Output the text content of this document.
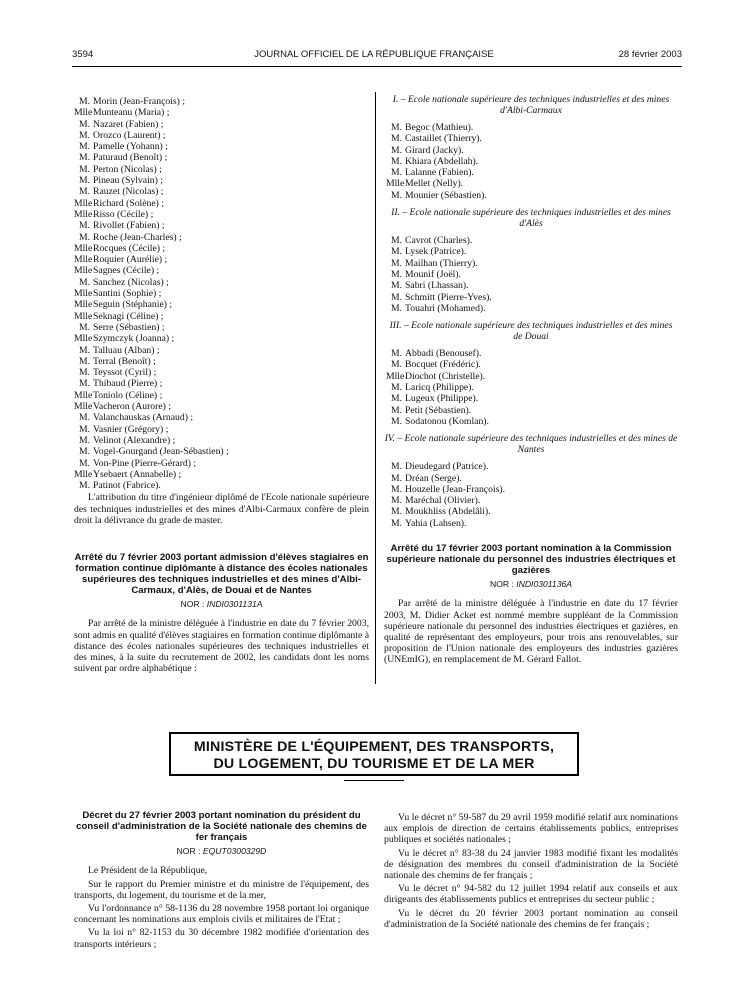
3594	JOURNAL OFFICIEL DE LA RÉPUBLIQUE FRANÇAISE	28 février 2003
M. Morin (Jean-François) ;
Mlle Munteanu (Maria) ;
M. Nazaret (Fabien) ;
M. Orozco (Laurent) ;
M. Pamelle (Yohann) ;
M. Paturaud (Benoît) ;
M. Perton (Nicolas) ;
M. Pineau (Sylvain) ;
M. Rauzet (Nicolas) ;
Mlle Richard (Solène) ;
Mlle Risso (Cécile) ;
M. Rivollet (Fabien) ;
M. Roche (Jean-Charles) ;
Mlle Rocques (Cécile) ;
Mlle Roquier (Aurélie) ;
Mlle Sagnes (Cécile) ;
M. Sanchez (Nicolas) ;
Mlle Santini (Sophie) ;
Mlle Seguin (Stéphanie) ;
Mlle Seknagi (Céline) ;
M. Serre (Sébastien) ;
Mlle Szymczyk (Joanna) ;
M. Talluau (Alban) ;
M. Terral (Benoît) ;
M. Teyssot (Cyril) ;
M. Thibaud (Pierre) ;
Mlle Toniolo (Céline) ;
Mlle Vacheron (Aurore) ;
M. Valanchauskas (Arnaud) ;
M. Vasnier (Grégory) ;
M. Velinot (Alexandre) ;
M. Vogel-Gourgand (Jean-Sébastien) ;
M. Von-Pine (Pierre-Gérard) ;
Mlle Ysebaert (Annabelle) ;
M. Patinot (Fabrice).
L'attribution du titre d'ingénieur diplômé de l'Ecole nationale supérieure des techniques industrielles et des mines d'Albi-Carmaux confère de plein droit la délivrance du grade de master.
Arrêté du 7 février 2003 portant admission d'élèves stagiaires en formation continue diplômante à distance des écoles nationales supérieures des techniques industrielles et des mines d'Albi-Carmaux, d'Alès, de Douai et de Nantes
NOR : INDI0301131A
Par arrêté de la ministre déléguée à l'industrie en date du 7 février 2003, sont admis en qualité d'élèves stagiaires en formation continue diplômante à distance des écoles nationales supérieures des techniques industrielles et des mines, à la suite du recrutement de 2002, les candidats dont les noms suivent par ordre alphabétique :
I. – Ecole nationale supérieure des techniques industrielles et des mines d'Albi-Carmaux
M. Begoc (Mathieu).
M. Castaillet (Thierry).
M. Girard (Jacky).
M. Khiara (Abdellah).
M. Lalanne (Fabien).
Mlle Mellet (Nelly).
M. Mounier (Sébastien).
II. – Ecole nationale supérieure des techniques industrielles et des mines d'Alès
M. Cavrot (Charles).
M. Lysek (Patrice).
M. Mailhan (Thierry).
M. Mounif (Joël).
M. Sabri (Lhassan).
M. Schmitt (Pierre-Yves).
M. Touahri (Mohamed).
III. – Ecole nationale supérieure des techniques industrielles et des mines de Douai
M. Abbadi (Benousef).
M. Bocquet (Frédéric).
Mlle Diochot (Christelle).
M. Laricq (Philippe).
M. Lugeux (Philippe).
M. Petit (Sébastien).
M. Sodatonou (Komlan).
IV. – Ecole nationale supérieure des techniques industrielles et des mines de Nantes
M. Dieudegard (Patrice).
M. Dréan (Serge).
M. Houzelle (Jean-François).
M. Maréchal (Olivier).
M. Moukhliss (Abdelâli).
M. Yahia (Lahsen).
Arrêté du 17 février 2003 portant nomination à la Commission supérieure nationale du personnel des industries électriques et gazières
NOR : INDI0301136A
Par arrêté de la ministre déléguée à l'industrie en date du 17 février 2003, M. Didier Acket est nommé membre suppléant de la Commission supérieure nationale du personnel des industries électriques et gazières, en qualité de représentant des employeurs, pour trois ans renouvelables, sur proposition de l'Union nationale des employeurs des industries gazières (UNEmIG), en remplacement de M. Gérard Fallot.
MINISTÈRE DE L'ÉQUIPEMENT, DES TRANSPORTS,
DU LOGEMENT, DU TOURISME ET DE LA MER
Décret du 27 février 2003 portant nomination du président du conseil d'administration de la Société nationale des chemins de fer français
NOR : EQUT0300329D
Le Président de la République,
Sur le rapport du Premier ministre et du ministre de l'équipement, des transports, du logement, du tourisme et de la mer,
Vu l'ordonnance n° 58-1136 du 28 novembre 1958 portant loi organique concernant les nominations aux emplois civils et militaires de l'Etat ;
Vu la loi n° 82-1153 du 30 décembre 1982 modifiée d'orientation des transports intérieurs ;
Vu le décret n° 59-587 du 29 avril 1959 modifié relatif aux nominations aux emplois de direction de certains établissements publics, entreprises publiques et sociétés nationales ;
Vu le décret n° 83-38 du 24 janvier 1983 modifié fixant les modalités de désignation des membres du conseil d'administration de la Société nationale des chemins de fer français ;
Vu le décret n° 94-582 du 12 juillet 1994 relatif aux conseils et aux dirigeants des établissements publics et entreprises du secteur public ;
Vu le décret du 20 février 2003 portant nomination au conseil d'administration de la Société nationale des chemins de fer français ;
